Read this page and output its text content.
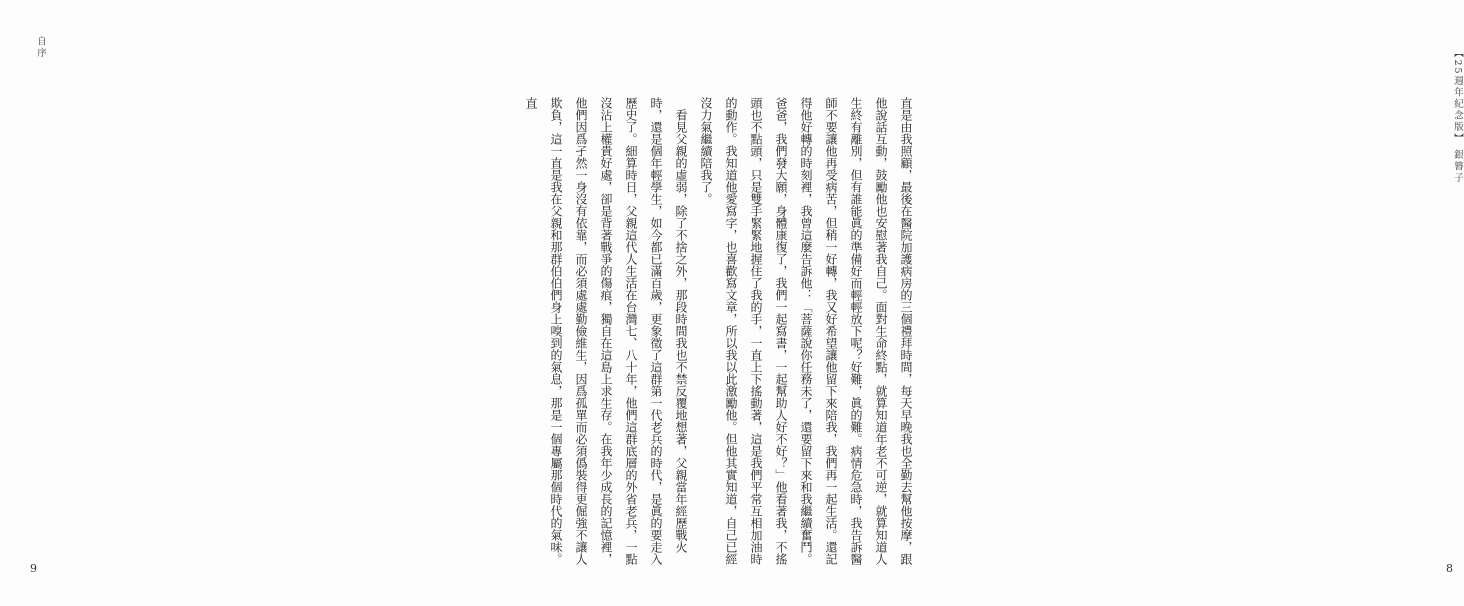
自序

9
【25週年紀念版】 銀簪子

直是由我照顧，最後在醫院加護病房的三個禮拜時間，每天早晚我也全勤去幫他按摩，跟他說話互動，鼓勵他也安慰著我自己。面對生命終點，就算知道年老不可逆，就算知道人生終有離別，但有誰能眞的準備好而輕輕放下呢？好難，眞的難。病情危急時，我告訴醫師不要讓他再受病苦，但稍一好轉，我又好希望讓他留下來陪我，我們再一起生活。還記得他好轉的時刻裡，我曾這麼告訴他：「菩薩說你任務未了，還要留下來和我繼續奮鬥。爸爸，我們發大願，身體康復了，我們一起寫書，一起幫助人好不好？」他看著我，不搖頭也不點頭，只是雙手緊緊地握住了我的手，一直上下搖動著，這是我們平常互相加油時的動作。我知道他愛寫字，也喜歡寫文章，所以我以此激勵他。但他其實知道，自己已經沒力氣繼續陪我了。

看見父親的虛弱，除了不捨之外，那段時間我也不禁反覆地想著，父親當年經歷戰火時，還是個年輕學生，如今都已滿百歲，更象徵了這群第一代老兵的時代，是眞的要走入歷史了。細算時日，父親這代人生活在台灣七、八十年，他們這群底層的外省老兵，一點沒沾上權貴好處，卻是背著戰爭的傷痕，獨自在這島上求生存。在我年少成長的記憶裡，他們因爲孑然一身沒有依靠，而必須處處勤儉維生，因爲孤單而必須僞裝得更倔強不讓人欺負，這一直是我在父親和那群伯伯們身上嗅到的氣息，那是一個專屬那個時代的氣味。直

8
